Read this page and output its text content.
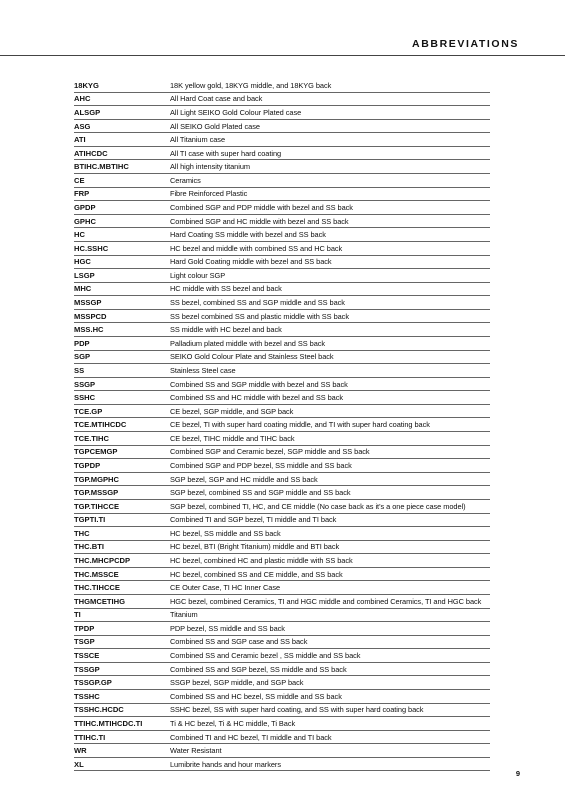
ABBREVIATIONS
18KYG	18K yellow gold, 18KYG middle, and 18KYG back
AHC	All Hard Coat case and back
ALSGP	All Light SEIKO Gold Colour Plated case
ASG	All SEIKO Gold Plated case
ATI	All Titanium case
ATIHCDC	All TI case with super hard coating
BTIHC.MBTIHC	All high intensity titanium
CE	Ceramics
FRP	Fibre Reinforced Plastic
GPDP	Combined SGP and PDP middle with bezel and SS back
GPHC	Combined SGP and HC middle with bezel and SS back
HC	Hard Coating SS middle with bezel and SS back
HC.SSHC	HC bezel and middle with combined SS and HC back
HGC	Hard Gold Coating middle with bezel and SS back
LSGP	Light colour SGP
MHC	HC middle with SS bezel and back
MSSGP	SS bezel, combined SS and SGP middle and SS back
MSSPCD	SS bezel combined SS and plastic middle with SS back
MSS.HC	SS middle with HC bezel and back
PDP	Palladium plated middle with bezel and SS back
SGP	SEIKO Gold Colour Plate and Stainless Steel back
SS	Stainless Steel case
SSGP	Combined SS and SGP middle with bezel and SS back
SSHC	Combined SS and HC middle with bezel and SS back
TCE.GP	CE bezel, SGP middle, and SGP back
TCE.MTIHCDC	CE bezel, TI with super hard coating middle, and TI with super hard coating back
TCE.TIHC	CE bezel, TIHC middle and TIHC back
TGPCEMGP	Combined SGP and Ceramic bezel, SGP middle and SS back
TGPDP	Combined SGP and PDP bezel, SS middle and SS back
TGP.MGPHC	SGP bezel, SGP and HC middle and SS back
TGP.MSSGP	SGP bezel, combined SS and SGP middle and SS back
TGP.TIHCCE	SGP bezel, combined TI, HC, and CE middle (No case back as it’s a one piece case model)
TGPTI.TI	Combined TI and SGP bezel, TI middle and TI back
THC	HC bezel, SS middle and SS back
THC.BTI	HC bezel, BTI (Bright Titanium) middle and BTI back
THC.MHCPCDP	HC bezel, combined HC and plastic middle with SS back
THC.MSSCE	HC bezel, combined SS and CE middle, and SS back
THC.TIHCCE	CE Outer Case, TI HC Inner Case
THGMCETIHG	HGC bezel, combined Ceramics, TI and HGC middle and combined Ceramics, TI and HGC back
TI	Titanium
TPDP	PDP bezel, SS middle and SS back
TSGP	Combined SS and SGP case and SS back
TSSCE	Combined SS and Ceramic bezel , SS middle and SS back
TSSGP	Combined SS and SGP bezel, SS middle and SS back
TSSGP.GP	SSGP bezel, SGP middle, and SGP back
TSSHC	Combined SS and HC bezel, SS middle and SS back
TSSHC.HCDC	SSHC bezel, SS with super hard coating, and SS with super hard coating back
TTIHC.MTIHCDC.TI	Ti & HC bezel, Ti & HC middle, Ti Back
TTIHC.TI	Combined TI and HC bezel, TI middle and TI back
WR	Water Resistant
XL	Lumibrite hands and hour markers
9
